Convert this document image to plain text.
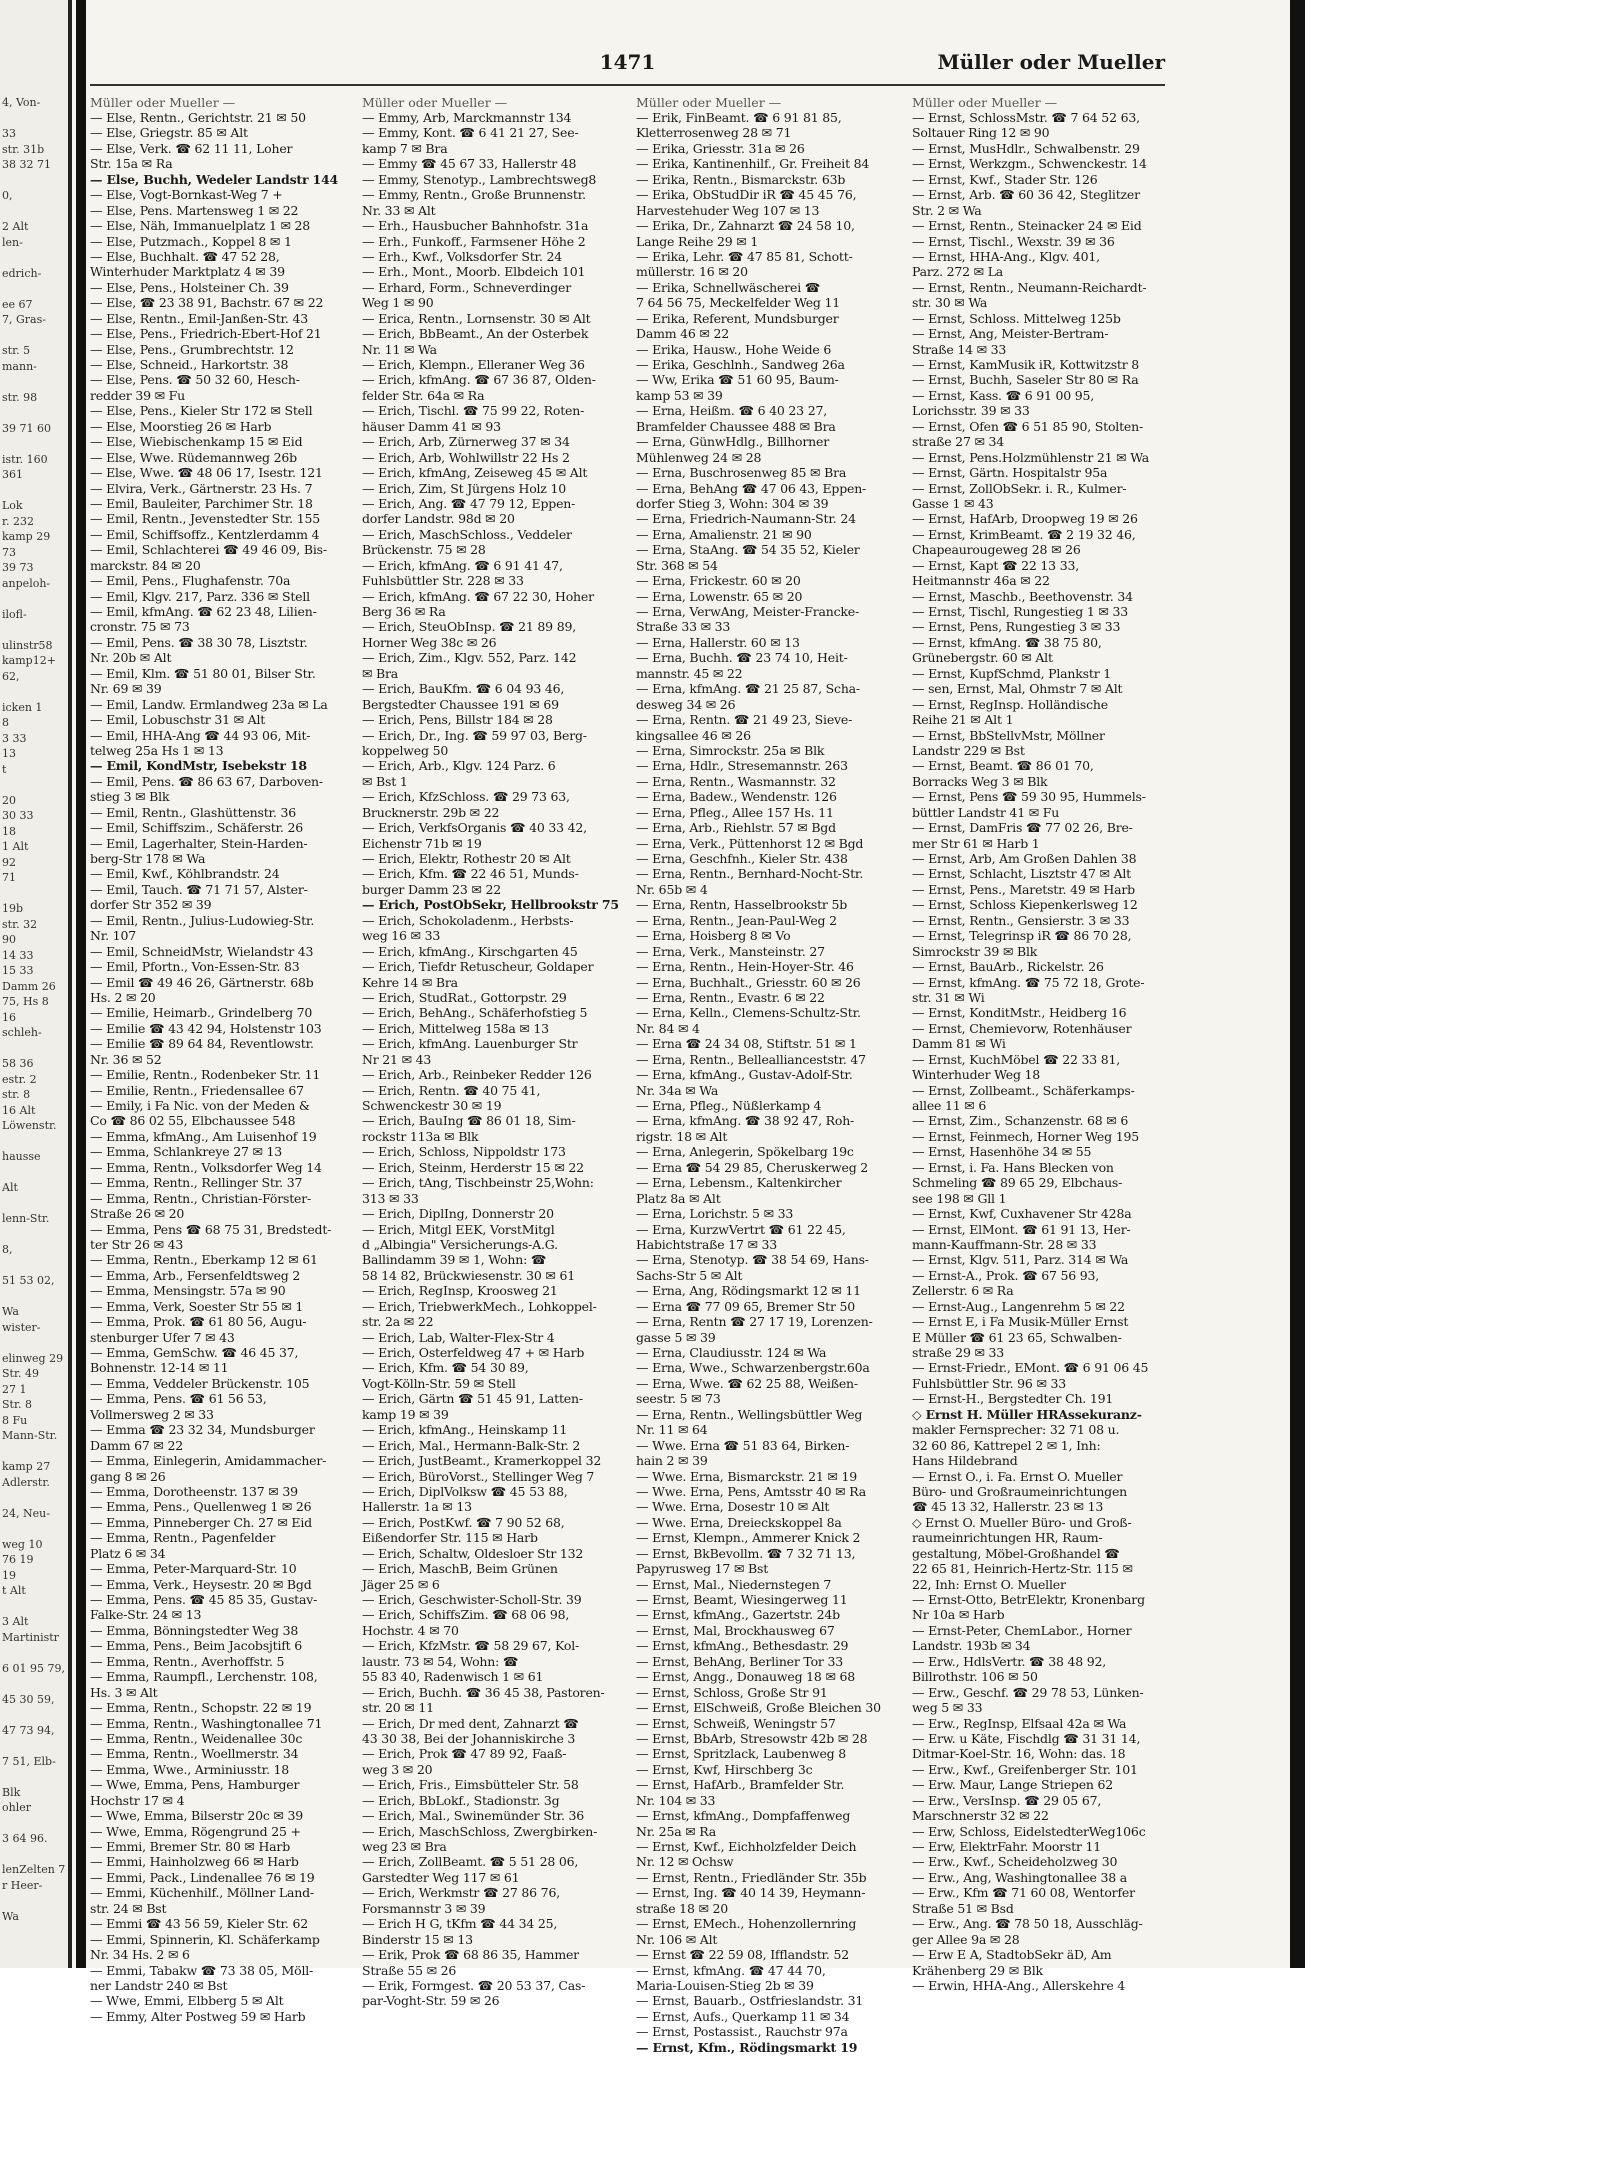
4, Von-
33
str. 31b
38 32 71
0,
2 Alt
len-
edrich-
ee 67
7, Gras-
str. 5
mann-
str. 98
39 71 60
istr. 160
361
Lok
r. 232
kamp 29
73
39 73
anpeloh-
ilofl-
ulinstr58
kamp12+
62,
icken 1
8
3 33
13
t
20
30 33
18
1 Alt
92
71
19b
str. 32
90
14 33
15 33
Damm 26
75, Hs 8
16
schleh-
58 36
estr. 2
str. 8
16 Alt
Löwenstr.
hausse
Alt
lenn-Str.
8,
51 53 02,
Wa
wister-
elinweg 29
Str. 49
27 1
Str. 8
8 Fu
Mann-Str.
kamp 27
Adlerstr.
24, Neu-
weg 10
76 19
19
t Alt
3 Alt
Martinistr
6 01 95 79,
45 30 59,
47 73 94,
7 51, Elb-
Blk
ohler
3 64 96.
lenZelten 7
r Heer-
Wa
1471	Müller oder Mueller
Müller oder Mueller —
— Else, Rentn., Gerichtstr. 21 ✉ 50
— Else, Griegstr. 85 ✉ Alt
— Else, Verk. ☎ 62 11 11, Loher
Str. 15a ✉ Ra
— Else, Buchh, Wedeler Landstr 144
— Else, Vogt-Bornkast-Weg 7 +
— Else, Pens. Martensweg 1 ✉ 22
— Else, Näh, Immanuelplatz 1 ✉ 28
— Else, Putzmach., Koppel 8 ✉ 1
— Else, Buchhalt. ☎ 47 52 28,
Winterhuder Marktplatz 4 ✉ 39
— Else, Pens., Holsteiner Ch. 39
— Else, ☎ 23 38 91, Bachstr. 67 ✉ 22
— Else, Rentn., Emil-Janßen-Str. 43
— Else, Pens., Friedrich-Ebert-Hof 21
— Else, Pens., Grumbrechtstr. 12
— Else, Schneid., Harkortstr. 38
— Else, Pens. ☎ 50 32 60, Hesch-
redder 39 ✉ Fu
— Else, Pens., Kieler Str 172 ✉ Stell
— Else, Moorstieg 26 ✉ Harb
— Else, Wiebischenkamp 15 ✉ Eid
— Else, Wwe. Rüdemannweg 26b
— Else, Wwe. ☎ 48 06 17, Isestr. 121
— Elvira, Verk., Gärtnerstr. 23 Hs. 7
— Emil, Bauleiter, Parchimer Str. 18
— Emil, Rentn., Jevenstedter Str. 155
— Emil, Schiffsoffz., Kentzlerdamm 4
— Emil, Schlachterei ☎ 49 46 09, Bis-
marckstr. 84 ✉ 20
— Emil, Pens., Flughafenstr. 70a
— Emil, Klgv. 217, Parz. 336 ✉ Stell
— Emil, kfmAng. ☎ 62 23 48, Lilien-
cronstr. 75 ✉ 73
— Emil, Pens. ☎ 38 30 78, Lisztstr.
Nr. 20b ✉ Alt
— Emil, Klm. ☎ 51 80 01, Bilser Str.
Nr. 69 ✉ 39
— Emil, Landw. Ermlandweg 23a ✉ La
— Emil, Lobuschstr 31 ✉ Alt
— Emil, HHA-Ang ☎ 44 93 06, Mit-
telweg 25a Hs 1 ✉ 13
— Emil, KondMstr, Isebekstr 18
— Emil, Pens. ☎ 86 63 67, Darboven-
stieg 3 ✉ Blk
— Emil, Rentn., Glashüttenstr. 36
— Emil, Schiffszim., Schäferstr. 26
— Emil, Lagerhalter, Stein-Harden-
berg-Str 178 ✉ Wa
— Emil, Kwf., Köhlbrandstr. 24
— Emil, Tauch. ☎ 71 71 57, Alster-
dorfer Str 352 ✉ 39
— Emil, Rentn., Julius-Ludowieg-Str.
Nr. 107
— Emil, SchneidMstr, Wielandstr 43
— Emil, Pfortn., Von-Essen-Str. 83
— Emil ☎ 49 46 26, Gärtnerstr. 68b
Hs. 2 ✉ 20
— Emilie, Heimarb., Grindelberg 70
— Emilie ☎ 43 42 94, Holstenstr 103
— Emilie ☎ 89 64 84, Reventlowstr.
Nr. 36 ✉ 52
— Emilie, Rentn., Rodenbeker Str. 11
— Emilie, Rentn., Friedensallee 67
— Emily, i Fa Nic. von der Meden &
Co ☎ 86 02 55, Elbchaussee 548
— Emma, kfmAng., Am Luisenhof 19
— Emma, Schlankreye 27 ✉ 13
— Emma, Rentn., Volksdorfer Weg 14
— Emma, Rentn., Rellinger Str. 37
— Emma, Rentn., Christian-Förster-
Straße 26 ✉ 20
— Emma, Pens ☎ 68 75 31, Bredstedt-
ter Str 26 ✉ 43
— Emma, Rentn., Eberkamp 12 ✉ 61
— Emma, Arb., Fersenfeldtsweg 2
— Emma, Mensingstr. 57a ✉ 90
— Emma, Verk, Soester Str 55 ✉ 1
— Emma, Prok. ☎ 61 80 56, Augu-
stenburger Ufer 7 ✉ 43
— Emma, GemSchw. ☎ 46 45 37,
Bohnenstr. 12-14 ✉ 11
— Emma, Veddeler Brückenstr. 105
— Emma, Pens. ☎ 61 56 53,
Vollmersweg 2 ✉ 33
— Emma ☎ 23 32 34, Mundsburger
Damm 67 ✉ 22
— Emma, Einlegerin, Amidammacher-
gang 8 ✉ 26
— Emma, Dorotheenstr. 137 ✉ 39
— Emma, Pens., Quellenweg 1 ✉ 26
— Emma, Pinneberger Ch. 27 ✉ Eid
— Emma, Rentn., Pagenfelder
Platz 6 ✉ 34
— Emma, Peter-Marquard-Str. 10
— Emma, Verk., Heysestr. 20 ✉ Bgd
— Emma, Pens. ☎ 45 85 35, Gustav-
Falke-Str. 24 ✉ 13
— Emma, Bönningstedter Weg 38
— Emma, Pens., Beim Jacobsjtift 6
— Emma, Rentn., Averhoffstr. 5
— Emma, Raumpfl., Lerchenstr. 108,
Hs. 3 ✉ Alt
— Emma, Rentn., Schopstr. 22 ✉ 19
— Emma, Rentn., Washingtonallee 71
— Emma, Rentn., Weidenallee 30c
— Emma, Rentn., Woellmerstr. 34
— Emma, Wwe., Arminiusstr. 18
— Wwe, Emma, Pens, Hamburger
Hochstr 17 ✉ 4
— Wwe, Emma, Bilserstr 20c ✉ 39
— Wwe, Emma, Rögengrund 25 +
— Emmi, Bremer Str. 80 ✉ Harb
— Emmi, Hainholzweg 66 ✉ Harb
— Emmi, Pack., Lindenallee 76 ✉ 19
— Emmi, Küchenhilf., Möllner Land-
str. 24 ✉ Bst
— Emmi ☎ 43 56 59, Kieler Str. 62
— Emmi, Spinnerin, Kl. Schäferkamp
Nr. 34 Hs. 2 ✉ 6
— Emmi, Tabakw ☎ 73 38 05, Möll-
ner Landstr 240 ✉ Bst
— Wwe, Emmi, Elbberg 5 ✉ Alt
— Emmy, Alter Postweg 59 ✉ Harb
Müller oder Mueller —
— Emmy, Arb, Marckmannstr 134
— Emmy, Kont. ☎ 6 41 21 27, See-
kamp 7 ✉ Bra
— Emmy ☎ 45 67 33, Hallerstr 48
— Emmy, Stenotyp., Lambrechtsweg8
— Emmy, Rentn., Große Brunnenstr.
Nr. 33 ✉ Alt
— Erh., Hausbucher Bahnhofstr. 31a
— Erh., Funkoff., Farmsener Höhe 2
— Erh., Kwf., Volksdorfer Str. 24
— Erh., Mont., Moorb. Elbdeich 101
— Erhard, Form., Schneverdinger
Weg 1 ✉ 90
— Erica, Rentn., Lornsenstr. 30 ✉ Alt
— Erich, BbBeamt., An der Osterbek
Nr. 11 ✉ Wa
— Erich, Klempn., Elleraner Weg 36
— Erich, kfmAng. ☎ 67 36 87, Olden-
felder Str. 64a ✉ Ra
— Erich, Tischl. ☎ 75 99 22, Roten-
häuser Damm 41 ✉ 93
— Erich, Arb, Zürnerweg 37 ✉ 34
— Erich, Arb, Wohlwillstr 22 Hs 2
— Erich, kfmAng, Zeiseweg 45 ✉ Alt
— Erich, Zim, St Jürgens Holz 10
— Erich, Ang. ☎ 47 79 12, Eppen-
dorfer Landstr. 98d ✉ 20
— Erich, MaschSchloss., Veddeler
Brückenstr. 75 ✉ 28
— Erich, kfmAng. ☎ 6 91 41 47,
Fuhlsbüttler Str. 228 ✉ 33
— Erich, kfmAng. ☎ 67 22 30, Hoher
Berg 36 ✉ Ra
— Erich, SteuObInsp. ☎ 21 89 89,
Horner Weg 38c ✉ 26
— Erich, Zim., Klgv. 552, Parz. 142
✉ Bra
— Erich, BauKfm. ☎ 6 04 93 46,
Bergstedter Chaussee 191 ✉ 69
— Erich, Pens, Billstr 184 ✉ 28
— Erich, Dr., Ing. ☎ 59 97 03, Berg-
koppelweg 50
— Erich, Arb., Klgv. 124 Parz. 6
✉ Bst 1
— Erich, KfzSchloss. ☎ 29 73 63,
Brucknerstr. 29b ✉ 22
— Erich, VerkfsOrganis ☎ 40 33 42,
Eichenstr 71b ✉ 19
— Erich, Elektr, Rothestr 20 ✉ Alt
— Erich, Kfm. ☎ 22 46 51, Munds-
burger Damm 23 ✉ 22
— Erich, PostObSekr, Hellbrookstr 75
— Erich, Schokoladenm., Herbsts-
weg 16 ✉ 33
— Erich, kfmAng., Kirschgarten 45
— Erich, Tiefdr Retuscheur, Goldaper
Kehre 14 ✉ Bra
— Erich, StudRat., Gottorpstr. 29
— Erich, BehAng., Schäferhofstieg 5
— Erich, Mittelweg 158a ✉ 13
— Erich, kfmAng. Lauenburger Str
Nr 21 ✉ 43
— Erich, Arb., Reinbeker Redder 126
— Erich, Rentn. ☎ 40 75 41,
Schwenckestr 30 ✉ 19
— Erich, BauIng ☎ 86 01 18, Sim-
rockstr 113a ✉ Blk
— Erich, Schloss, Nippoldstr 173
— Erich, Steinm, Herderstr 15 ✉ 22
— Erich, tAng, Tischbeinstr 25,Wohn:
313 ✉ 33
— Erich, DiplIng, Donnerstr 20
— Erich, Mitgl EEK, VorstMitgl
d „Albingia" Versicherungs-A.G.
Ballindamm 39 ✉ 1, Wohn: ☎
58 14 82, Brückwiesenstr. 30 ✉ 61
— Erich, RegInsp, Kroosweg 21
— Erich, TriebwerkMech., Lohkoppel-
str. 2a ✉ 22
— Erich, Lab, Walter-Flex-Str 4
— Erich, Osterfeldweg 47 + ✉ Harb
— Erich, Kfm. ☎ 54 30 89,
Vogt-Kölln-Str. 59 ✉ Stell
— Erich, Gärtn ☎ 51 45 91, Latten-
kamp 19 ✉ 39
— Erich, kfmAng., Heinskamp 11
— Erich, Mal., Hermann-Balk-Str. 2
— Erich, JustBeamt., Kramerkoppel 32
— Erich, BüroVorst., Stellinger Weg 7
— Erich, DiplVolksw ☎ 45 53 88,
Hallerstr. 1a ✉ 13
— Erich, PostKwf. ☎ 7 90 52 68,
Eißendorfer Str. 115 ✉ Harb
— Erich, Schaltw, Oldesloer Str 132
— Erich, MaschB, Beim Grünen
Jäger 25 ✉ 6
— Erich, Geschwister-Scholl-Str. 39
— Erich, SchiffsZim. ☎ 68 06 98,
Hochstr. 4 ✉ 70
— Erich, KfzMstr. ☎ 58 29 67, Kol-
laustr. 73 ✉ 54, Wohn: ☎
55 83 40, Radenwisch 1 ✉ 61
— Erich, Buchh. ☎ 36 45 38, Pastoren-
str. 20 ✉ 11
— Erich, Dr med dent, Zahnarzt ☎
43 30 38, Bei der Johanniskirche 3
— Erich, Prok ☎ 47 89 92, Faaß-
weg 3 ✉ 20
— Erich, Fris., Eimsbütteler Str. 58
— Erich, BbLokf., Stadionstr. 3g
— Erich, Mal., Swinemünder Str. 36
— Erich, MaschSchloss, Zwergbirken-
weg 23 ✉ Bra
— Erich, ZollBeamt. ☎ 5 51 28 06,
Garstedter Weg 117 ✉ 61
— Erich, Werkmstr ☎ 27 86 76,
Forsmannstr 3 ✉ 39
— Erich H G, tKfm ☎ 44 34 25,
Binderstr 15 ✉ 13
— Erik, Prok ☎ 68 86 35, Hammer
Straße 55 ✉ 26
— Erik, Formgest. ☎ 20 53 37, Cas-
par-Voght-Str. 59 ✉ 26
Müller oder Mueller —
— Erik, FinBeamt. ☎ 6 91 81 85,
Kletterrosenweg 28 ✉ 71
— Erika, Griesstr. 31a ✉ 26
— Erika, Kantinenhilf., Gr. Freiheit 84
— Erika, Rentn., Bismarckstr. 63b
— Erika, ObStudDir iR ☎ 45 45 76,
Harvestehuder Weg 107 ✉ 13
— Erika, Dr., Zahnarzt ☎ 24 58 10,
Lange Reihe 29 ✉ 1
— Erika, Lehr. ☎ 47 85 81, Schott-
müllerstr. 16 ✉ 20
— Erika, Schnellwäscherei ☎
7 64 56 75, Meckelfelder Weg 11
— Erika, Referent, Mundsburger
Damm 46 ✉ 22
— Erika, Hausw., Hohe Weide 6
— Erika, Geschlnh., Sandweg 26a
— Ww, Erika ☎ 51 60 95, Baum-
kamp 53 ✉ 39
— Erna, Heißm. ☎ 6 40 23 27,
Bramfelder Chaussee 488 ✉ Bra
— Erna, GünwHdlg., Billhorner
Mühlenweg 24 ✉ 28
— Erna, Buschrosenweg 85 ✉ Bra
— Erna, BehAng ☎ 47 06 43, Eppen-
dorfer Stieg 3, Wohn: 304 ✉ 39
— Erna, Friedrich-Naumann-Str. 24
— Erna, Amalienstr. 21 ✉ 90
— Erna, StaAng. ☎ 54 35 52, Kieler
Str. 368 ✉ 54
— Erna, Frickestr. 60 ✉ 20
— Erna, Lowenstr. 65 ✉ 20
— Erna, VerwAng, Meister-Francke-
Straße 33 ✉ 33
— Erna, Hallerstr. 60 ✉ 13
— Erna, Buchh. ☎ 23 74 10, Heit-
mannstr. 45 ✉ 22
— Erna, kfmAng. ☎ 21 25 87, Scha-
desweg 34 ✉ 26
— Erna, Rentn. ☎ 21 49 23, Sieve-
kingsallee 46 ✉ 26
— Erna, Simrockstr. 25a ✉ Blk
— Erna, Hdlr., Stresemannstr. 263
— Erna, Rentn., Wasmannstr. 32
— Erna, Badew., Wendenstr. 126
— Erna, Pfleg., Allee 157 Hs. 11
— Erna, Arb., Riehlstr. 57 ✉ Bgd
— Erna, Verk., Püttenhorst 12 ✉ Bgd
— Erna, Geschfnh., Kieler Str. 438
— Erna, Rentn., Bernhard-Nocht-Str.
Nr. 65b ✉ 4
— Erna, Rentn, Hasselbrookstr 5b
— Erna, Rentn., Jean-Paul-Weg 2
— Erna, Hoisberg 8 ✉ Vo
— Erna, Verk., Mansteinstr. 27
— Erna, Rentn., Hein-Hoyer-Str. 46
— Erna, Buchhalt., Griesstr. 60 ✉ 26
— Erna, Rentn., Evastr. 6 ✉ 22
— Erna, Kelln., Clemens-Schultz-Str.
Nr. 84 ✉ 4
— Erna ☎ 24 34 08, Stiftstr. 51 ✉ 1
— Erna, Rentn., Belleallianceststr. 47
— Erna, kfmAng., Gustav-Adolf-Str.
Nr. 34a ✉ Wa
— Erna, Pfleg., Nüßlerkamp 4
— Erna, kfmAng. ☎ 38 92 47, Roh-
rigstr. 18 ✉ Alt
— Erna, Anlegerin, Spökelbarg 19c
— Erna ☎ 54 29 85, Cheruskerweg 2
— Erna, Lebensm., Kaltenkircher
Platz 8a ✉ Alt
— Erna, Lorichstr. 5 ✉ 33
— Erna, KurzwVertrt ☎ 61 22 45,
Habichtstraße 17 ✉ 33
— Erna, Stenotyp. ☎ 38 54 69, Hans-
Sachs-Str 5 ✉ Alt
— Erna, Ang, Rödingsmarkt 12 ✉ 11
— Erna ☎ 77 09 65, Bremer Str 50
— Erna, Rentn ☎ 27 17 19, Lorenzen-
gasse 5 ✉ 39
— Erna, Claudiusstr. 124 ✉ Wa
— Erna, Wwe., Schwarzenbergstr.60a
— Erna, Wwe. ☎ 62 25 88, Weißen-
seestr. 5 ✉ 73
— Erna, Rentn., Wellingsbüttler Weg
Nr. 11 ✉ 64
— Wwe. Erna ☎ 51 83 64, Birken-
hain 2 ✉ 39
— Wwe. Erna, Bismarckstr. 21 ✉ 19
— Wwe. Erna, Pens, Amtsstr 40 ✉ Ra
— Wwe. Erna, Dosestr 10 ✉ Alt
— Wwe. Erna, Dreieckskoppel 8a
— Ernst, Klempn., Ammerer Knick 2
— Ernst, BkBevollm. ☎ 7 32 71 13,
Papyrusweg 17 ✉ Bst
— Ernst, Mal., Niedernstegen 7
— Ernst, Beamt, Wiesingerweg 11
— Ernst, kfmAng., Gazertstr. 24b
— Ernst, Mal, Brockhausweg 67
— Ernst, kfmAng., Bethesdastr. 29
— Ernst, BehAng, Berliner Tor 33
— Ernst, Angg., Donauweg 18 ✉ 68
— Ernst, Schloss, Große Str 91
— Ernst, ElSchweiß, Große Bleichen 30
— Ernst, Schweiß, Weningstr 57
— Ernst, BbArb, Stresowstr 42b ✉ 28
— Ernst, Spritzlack, Laubenweg 8
— Ernst, Kwf, Hirschberg 3c
— Ernst, HafArb., Bramfelder Str.
Nr. 104 ✉ 33
— Ernst, kfmAng., Dompfaffenweg
Nr. 25a ✉ Ra
— Ernst, Kwf., Eichholzfelder Deich
Nr. 12 ✉ Ochsw
— Ernst, Rentn., Friedländer Str. 35b
— Ernst, Ing. ☎ 40 14 39, Heymann-
straße 18 ✉ 20
— Ernst, EMech., Hohenzollernring
Nr. 106 ✉ Alt
— Ernst ☎ 22 59 08, Ifflandstr. 52
— Ernst, kfmAng. ☎ 47 44 70,
Maria-Louisen-Stieg 2b ✉ 39
— Ernst, Bauarb., Ostfrieslandstr. 31
— Ernst, Aufs., Querkamp 11 ✉ 34
— Ernst, Postassist., Rauchstr 97a
— Ernst, Kfm., Rödingsmarkt 19
Müller oder Mueller —
— Ernst, SchlossMstr. ☎ 7 64 52 63,
Soltauer Ring 12 ✉ 90
— Ernst, MusHdlr., Schwalbenstr. 29
— Ernst, Werkzgm., Schwenckestr. 14
— Ernst, Kwf., Stader Str. 126
— Ernst, Arb. ☎ 60 36 42, Steglitzer
Str. 2 ✉ Wa
— Ernst, Rentn., Steinacker 24 ✉ Eid
— Ernst, Tischl., Wexstr. 39 ✉ 36
— Ernst, HHA-Ang., Klgv. 401,
Parz. 272 ✉ La
— Ernst, Rentn., Neumann-Reichardt-
str. 30 ✉ Wa
— Ernst, Schloss. Mittelweg 125b
— Ernst, Ang, Meister-Bertram-
Straße 14 ✉ 33
— Ernst, KamMusik iR, Kottwitzstr 8
— Ernst, Buchh, Saseler Str 80 ✉ Ra
— Ernst, Kass. ☎ 6 91 00 95,
Lorichsstr. 39 ✉ 33
— Ernst, Ofen ☎ 6 51 85 90, Stolten-
straße 27 ✉ 34
— Ernst, Pens.Holzmühlenstr 21 ✉ Wa
— Ernst, Gärtn. Hospitalstr 95a
— Ernst, ZollObSekr. i. R., Kulmer-
Gasse 1 ✉ 43
— Ernst, HafArb, Droopweg 19 ✉ 26
— Ernst, KrimBeamt. ☎ 2 19 32 46,
Chapeaurougeweg 28 ✉ 26
— Ernst, Kapt ☎ 22 13 33,
Heitmannstr 46a ✉ 22
— Ernst, Maschb., Beethovenstr. 34
— Ernst, Tischl, Rungestieg 1 ✉ 33
— Ernst, Pens, Rungestieg 3 ✉ 33
— Ernst, kfmAng. ☎ 38 75 80,
Grünebergstr. 60 ✉ Alt
— Ernst, KupfSchmd, Plankstr 1
— sen, Ernst, Mal, Ohmstr 7 ✉ Alt
— Ernst, RegInsp. Holländische
Reihe 21 ✉ Alt 1
— Ernst, BbStellvMstr, Möllner
Landstr 229 ✉ Bst
— Ernst, Beamt. ☎ 86 01 70,
Borracks Weg 3 ✉ Blk
— Ernst, Pens ☎ 59 30 95, Hummels-
büttler Landstr 41 ✉ Fu
— Ernst, DamFris ☎ 77 02 26, Bre-
mer Str 61 ✉ Harb 1
— Ernst, Arb, Am Großen Dahlen 38
— Ernst, Schlacht, Lisztstr 47 ✉ Alt
— Ernst, Pens., Maretstr. 49 ✉ Harb
— Ernst, Schloss Kiepenkerlsweg 12
— Ernst, Rentn., Gensierstr. 3 ✉ 33
— Ernst, Telegrinsp iR ☎ 86 70 28,
Simrockstr 39 ✉ Blk
— Ernst, BauArb., Rickelstr. 26
— Ernst, kfmAng. ☎ 75 72 18, Grote-
str. 31 ✉ Wi
— Ernst, KonditMstr., Heidberg 16
— Ernst, Chemievorw, Rotenhäuser
Damm 81 ✉ Wi
— Ernst, KuchMöbel ☎ 22 33 81,
Winterhuder Weg 18
— Ernst, Zollbeamt., Schäferkamps-
allee 11 ✉ 6
— Ernst, Zim., Schanzenstr. 68 ✉ 6
— Ernst, Feinmech, Horner Weg 195
— Ernst, Hasenhöhe 34 ✉ 55
— Ernst, i. Fa. Hans Blecken von
Schmeling ☎ 89 65 29, Elbchaus-
see 198 ✉ Gll 1
— Ernst, Kwf, Cuxhavener Str 428a
— Ernst, ElMont. ☎ 61 91 13, Her-
mann-Kauffmann-Str. 28 ✉ 33
— Ernst, Klgv. 511, Parz. 314 ✉ Wa
— Ernst-A., Prok. ☎ 67 56 93,
Zellerstr. 6 ✉ Ra
— Ernst-Aug., Langenrehm 5 ✉ 22
— Ernst E, i Fa Musik-Müller Ernst
E Müller ☎ 61 23 65, Schwalben-
straße 29 ✉ 33
— Ernst-Friedr., EMont. ☎ 6 91 06 45
Fuhlsbüttler Str. 96 ✉ 33
— Ernst-H., Bergstedter Ch. 191
◇ Ernst H. Müller HRAssekuranz-
makler Fernsprecher: 32 71 08 u.
32 60 86, Kattrepel 2 ✉ 1, Inh:
Hans Hildebrand
— Ernst O., i. Fa. Ernst O. Mueller
Büro- und Großraumeinrichtungen
☎ 45 13 32, Hallerstr. 23 ✉ 13
◇ Ernst O. Mueller Büro- und Groß-
raumeinrichtungen HR, Raum-
gestaltung, Möbel-Großhandel ☎
22 65 81, Heinrich-Hertz-Str. 115 ✉
22, Inh: Ernst O. Mueller
— Ernst-Otto, BetrElektr, Kronenbarg
Nr 10a ✉ Harb
— Ernst-Peter, ChemLabor., Horner
Landstr. 193b ✉ 34
— Erw., HdlsVertr. ☎ 38 48 92,
Billrothstr. 106 ✉ 50
— Erw., Geschf. ☎ 29 78 53, Lünken-
weg 5 ✉ 33
— Erw., RegInsp, Elfsaal 42a ✉ Wa
— Erw. u Käte, Fischdlg ☎ 31 31 14,
Ditmar-Koel-Str. 16, Wohn: das. 18
— Erw., Kwf., Greifenberger Str. 101
— Erw. Maur, Lange Striepen 62
— Erw., VersInsp. ☎ 29 05 67,
Marschnerstr 32 ✉ 22
— Erw, Schloss, EidelstedterWeg106c
— Erw, ElektrFahr. Moorstr 11
— Erw., Kwf., Scheideholzweg 30
— Erw., Ang, Washingtonallee 38 a
— Erw., Kfm ☎ 71 60 08, Wentorfer
Straße 51 ✉ Bsd
— Erw., Ang. ☎ 78 50 18, Ausschläg-
ger Allee 9a ✉ 28
— Erw E A, StadtobSekr äD, Am
Krähenberg 29 ✉ Blk
— Erwin, HHA-Ang., Allerskehre 4
